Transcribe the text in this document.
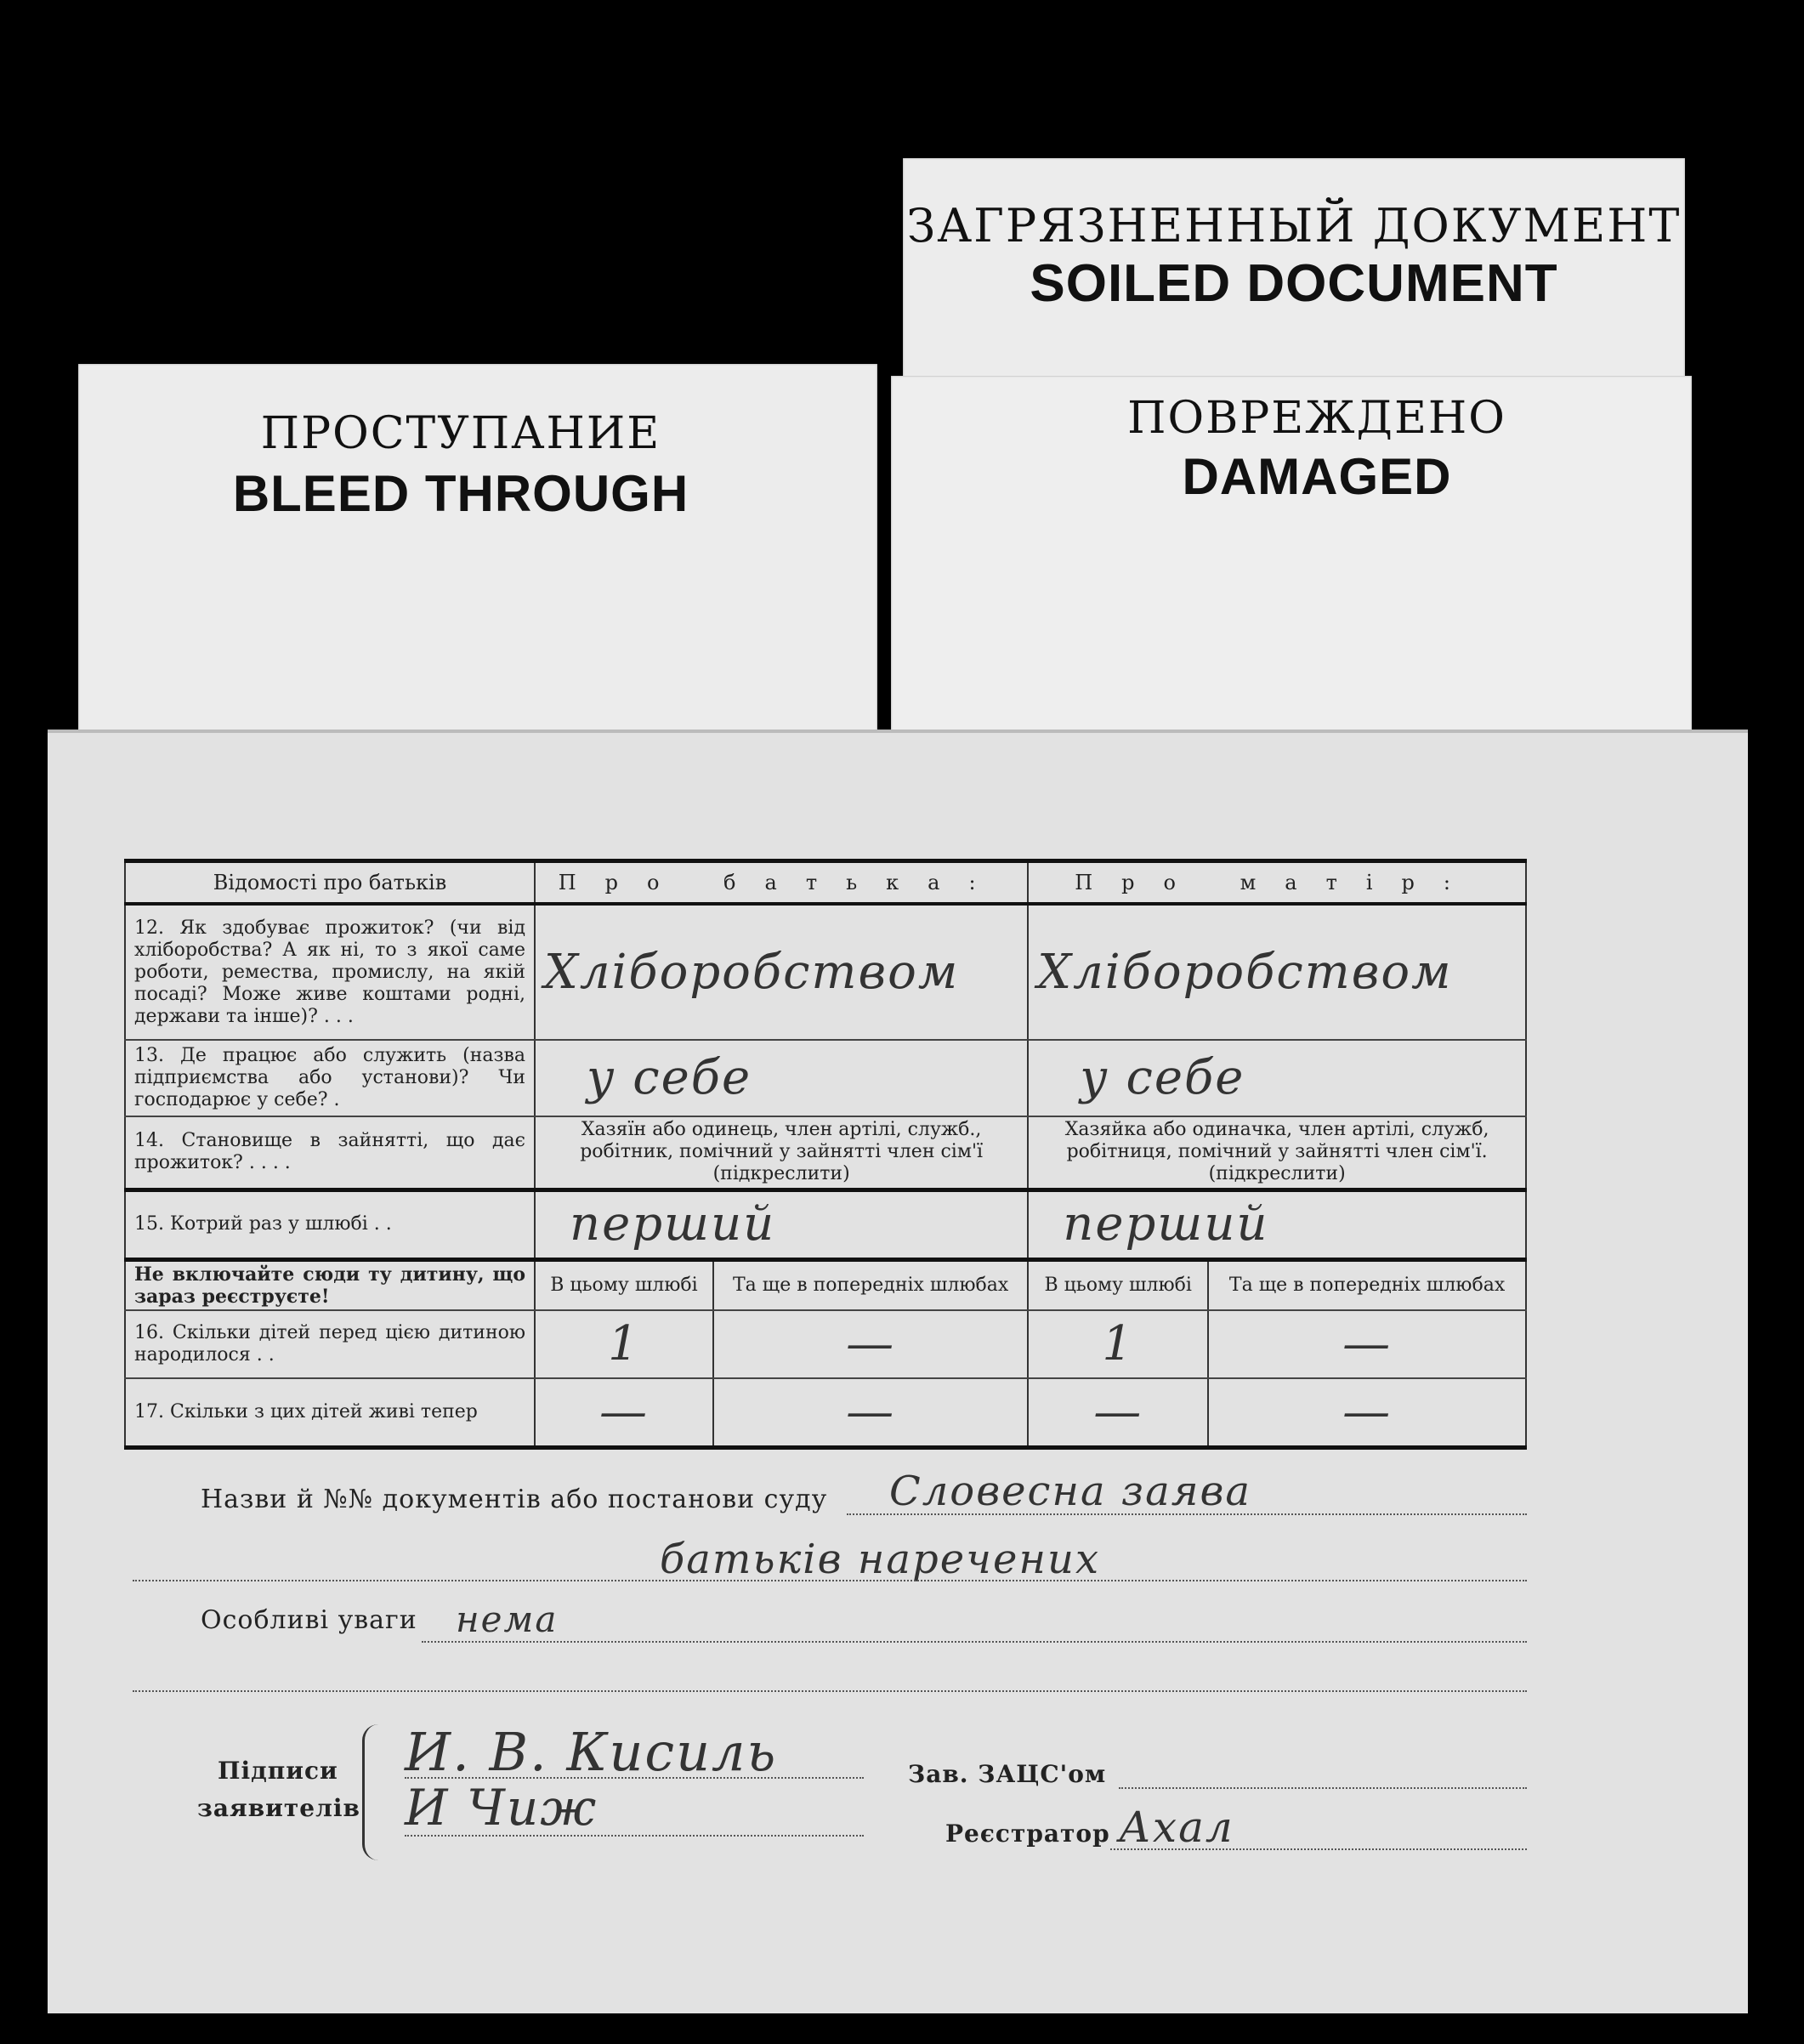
ЗАГРЯЗНЕННЫЙ ДОКУМЕНТ
SOILED DOCUMENT
ПОВРЕЖДЕНО
DAMAGED
ПРОСТУПАНИЕ
BLEED THROUGH
Відомості про батьків	Про батька:		Про матір:	
12. Як здобуває прожиток? (чи від хліборобства? А як ні, то з якої саме роботи, ремества, промислу, на якій посаді? Може живе коштами родні, держави та інше)? . . .	Хліборобством		Хліборобством	
13. Де працює або служить (назва підприємства або установи)? Чи господарює у себе? .	у себе		у себе	
14. Становище в зайнятті, що дає прожиток? . . . .	Хазяїн або одинець, член артілі, служб., робітник, помічний у зайнятті член сім'ї (підкреслити)		Хазяйка або одиначка, член артілі, служб, робітниця, помічний у зайнятті член сім'ї. (підкреслити)	
15. Котрий раз у шлюбі . .	перший		перший	
Не включайте сюди ту дитину, що зараз реєструєте!	В цьому шлюбі	Та ще в попередніх шлюбах	В цьому шлюбі	Та ще в попередніх шлюбах
16. Скільки дітей перед цією дитиною народилося . .	1	—	1	—
17. Скільки з цих дітей живі тепер	—	—	—	—
Назви й №№ документів або постанови суду Словесна заява
батьків наречених
Особливі уваги нема
Підписи
заявителів
И. В. Кисиль
И Чиж
Зав. ЗАЦС'ом
Реєстратор Ахал
